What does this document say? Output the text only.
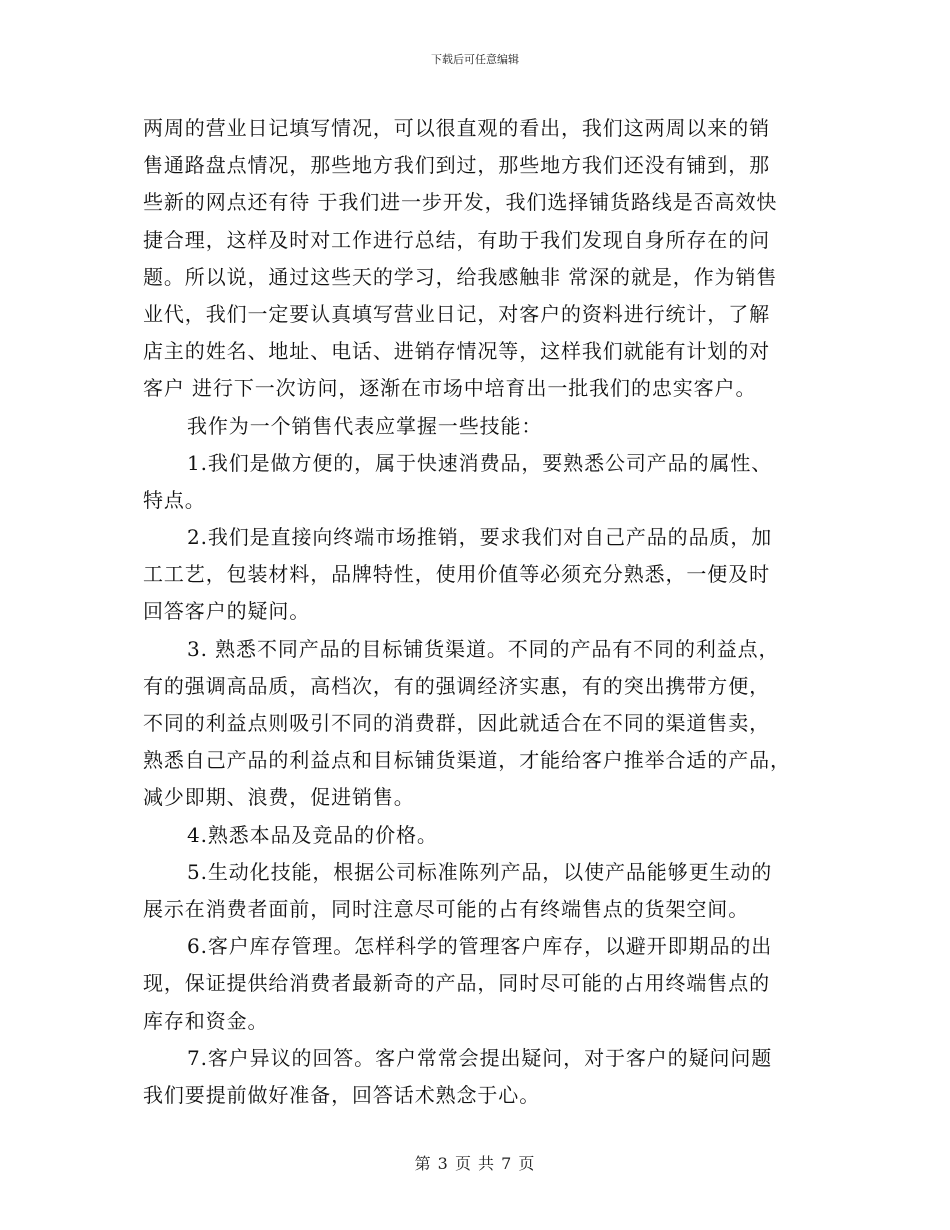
下载后可任意编辑
两周的营业日记填写情况，可以很直观的看出，我们这两周以来的销
售通路盘点情况，那些地方我们到过，那些地方我们还没有铺到，那
些新的网点还有待 于我们进一步开发，我们选择铺货路线是否高效快
捷合理，这样及时对工作进行总结，有助于我们发现自身所存在的问
题。所以说，通过这些天的学习，给我感触非 常深的就是，作为销售
业代，我们一定要认真填写营业日记，对客户的资料进行统计，了解
店主的姓名、地址、电话、进销存情况等，这样我们就能有计划的对
客户 进行下一次访问，逐渐在市场中培育出一批我们的忠实客户。
我作为一个销售代表应掌握一些技能：
1.我们是做方便的，属于快速消费品，要熟悉公司产品的属性、
特点。
2.我们是直接向终端市场推销，要求我们对自己产品的品质，加
工工艺，包装材料，品牌特性，使用价值等必须充分熟悉，一便及时
回答客户的疑问。
3. 熟悉不同产品的目标铺货渠道。不同的产品有不同的利益点，
有的强调高品质，高档次，有的强调经济实惠，有的突出携带方便，
不同的利益点则吸引不同的消费群，因此就适合在不同的渠道售卖，
熟悉自己产品的利益点和目标铺货渠道，才能给客户推举合适的产品，
减少即期、浪费，促进销售。
4.熟悉本品及竞品的价格。
5.生动化技能，根据公司标准陈列产品，以使产品能够更生动的
展示在消费者面前，同时注意尽可能的占有终端售点的货架空间。
6.客户库存管理。怎样科学的管理客户库存，以避开即期品的出
现，保证提供给消费者最新奇的产品，同时尽可能的占用终端售点的
库存和资金。
7.客户异议的回答。客户常常会提出疑问，对于客户的疑问问题
我们要提前做好准备，回答话术熟念于心。
第 3 页 共 7 页
